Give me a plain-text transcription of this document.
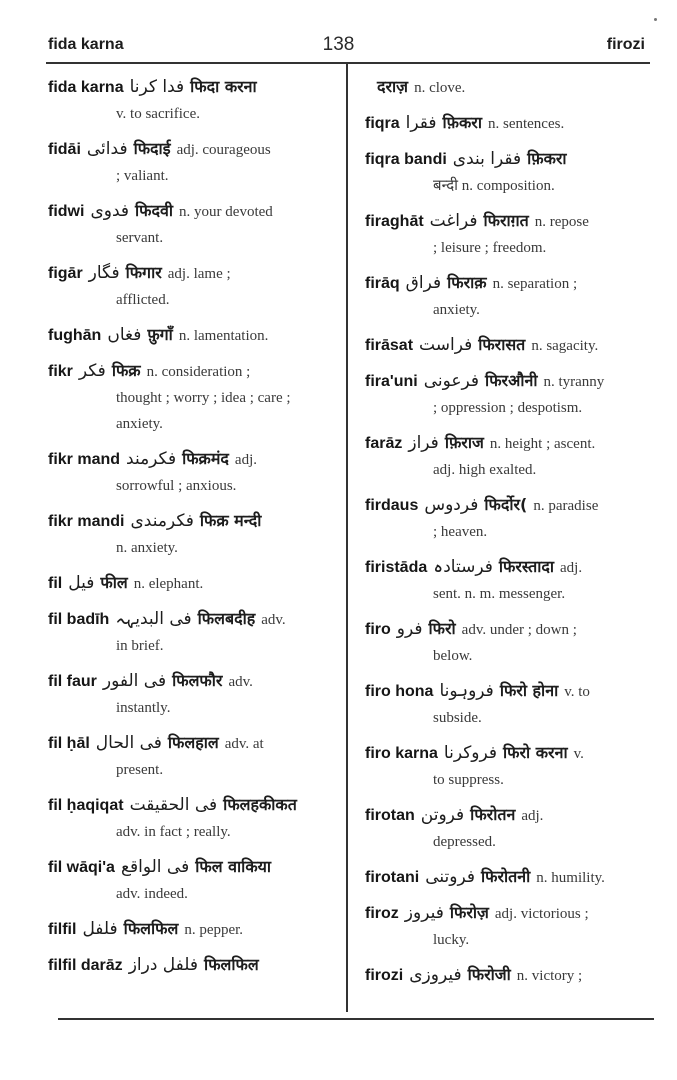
fida karna	138	firozi
fida karna فدا کرنا फिदा करना
v. to sacrifice.
fidāi فدائی फिदाई adj. courageous
; valiant.
fidwi فدوی फिदवी n. your devoted
servant.
figār فگار फिगार adj. lame ;
afflicted.
fughān فغاں फ़ुगाँ n. lamentation.
fikr فکر फिक्र n. consideration ;
thought ; worry ; idea ; care ; anxiety.
fikr mand فکرمند फिक्रमंद adj.
sorrowful ; anxious.
fikr mandi فکرمندی फिक्र मन्दी
n. anxiety.
fil فیل फील n. elephant.
fil badīh فی البدیہہ फिलबदीह adv.
in brief.
fil faur فی الفور फिलफौर adv.
instantly.
fil ḥāl فی الحال फिलहाल adv. at
present.
fil ḥaqiqat فی الحقیقت फिलहकीकत
adv. in fact ; really.
fil wāqi'a فی الواقع फिल वाकिया
adv. indeed.
filfil فلفل फिलफिल n. pepper.
filfil darāz فلفل دراز फिलफिल
दराज़ n. clove.
fiqra فقرا फ़िकरा n. sentences.
fiqra bandi فقرا بندی फ़िकरा
बन्दी n. composition.
firaghāt فراغت फिराग़त n. repose
; leisure ; freedom.
firāq فراق फिराक़ n. separation ;
anxiety.
firāsat فراست फिरासत n. sagacity.
fira'uni فرعونی फिरऔनी n. tyranny
; oppression ; despotism.
farāz فراز फ़िराज n. height ; ascent.
adj. high exalted.
firdaus فردوس फिर्दोर( n. paradise
; heaven.
firistāda فرستادہ फिरस्तादा adj.
sent. n. m. messenger.
firo فرو फिरो adv. under ; down ;
below.
firo hona فروہونا फिरो होना v. to
subside.
firo karna فروکرنا फिरो करना v.
to suppress.
firotan فروتن फिरोतन adj.
depressed.
firotani فروتنی फिरोतनी n. humility.
firoz فیروز फिरोज़ adj. victorious ;
lucky.
firozi فیروزی फिरोजी n. victory ;
